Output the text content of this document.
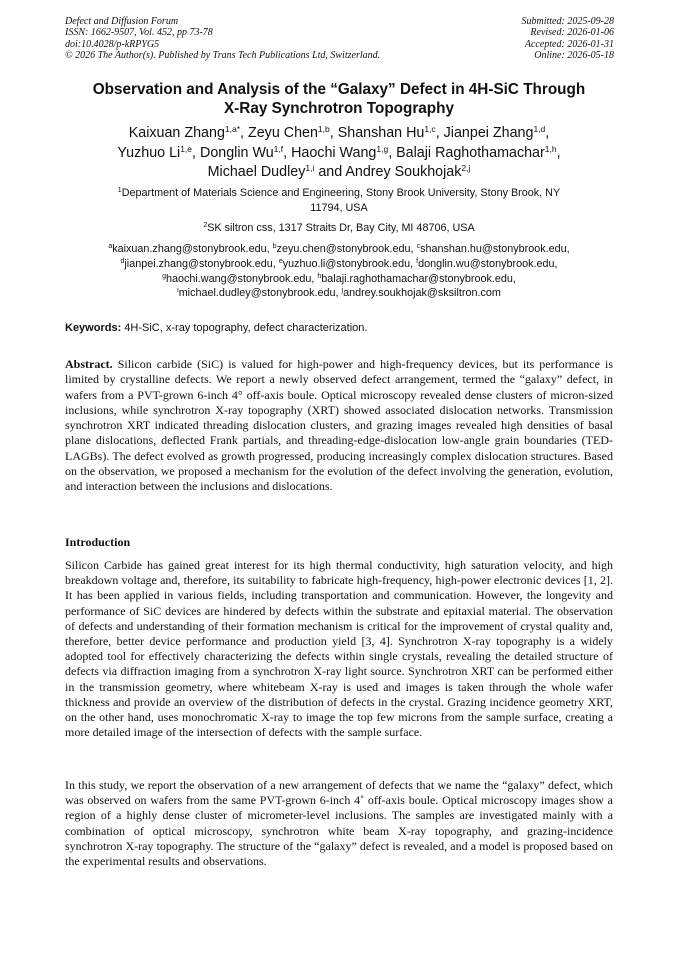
Defect and Diffusion Forum
ISSN: 1662-9507, Vol. 452, pp 73-78
doi:10.4028/p-kRPYG5
© 2026 The Author(s). Published by Trans Tech Publications Ltd, Switzerland.
Submitted: 2025-09-28
Revised: 2026-01-06
Accepted: 2026-01-31
Online: 2026-05-18
Observation and Analysis of the “Galaxy” Defect in 4H-SiC Through
X-Ray Synchrotron Topography
Kaixuan Zhang$^{1,a*}$, Zeyu Chen$^{1,b}$, Shanshan Hu$^{1,c}$, Jianpei Zhang$^{1,d}$,
Yuzhuo Li$^{1,e}$, Donglin Wu$^{1,f}$, Haochi Wang$^{1,g}$, Balaji Raghothamachar$^{1,h}$,
Michael Dudley$^{1,i}$ and Andrey Soukhojak$^{2,j}$
$^1$Department of Materials Science and Engineering, Stony Brook University, Stony Brook, NY
11794, USA
$^2$SK siltron css, 1317 Straits Dr, Bay City, MI 48706, USA
$^a$kaixuan.zhang@stonybrook.edu, $^b$zeyu.chen@stonybrook.edu, $^c$shanshan.hu@stonybrook.edu,
$^d$jianpei.zhang@stonybrook.edu, $^e$yuzhuo.li@stonybrook.edu, $^f$donglin.wu@stonybrook.edu,
$^g$haochi.wang@stonybrook.edu, $^h$balaji.raghothamachar@stonybrook.edu,
$^i$michael.dudley@stonybrook.edu, $^j$andrey.soukhojak@sksiltron.com
Keywords: 4H-SiC, x-ray topography, defect characterization.
Abstract. Silicon carbide (SiC) is valued for high-power and high-frequency devices, but its performance is limited by crystalline defects. We report a newly observed defect arrangement, termed the “galaxy” defect, in wafers from a PVT-grown 6-inch 4° off-axis boule. Optical microscopy revealed dense clusters of micron-sized inclusions, while synchrotron X-ray topography (XRT) showed associated dislocation networks. Transmission synchrotron XRT indicated threading dislocation clusters, and grazing images revealed high densities of basal plane dislocations, deflected Frank partials, and threading-edge-dislocation low-angle grain boundaries (TED-LAGBs). The defect evolved as growth progressed, producing increasingly complex dislocation structures. Based on the observation, we proposed a mechanism for the evolution of the defect involving the generation, evolution, and interaction between the inclusions and dislocations.
Introduction
Silicon Carbide has gained great interest for its high thermal conductivity, high saturation velocity, and high breakdown voltage and, therefore, its suitability to fabricate high-frequency, high-power electronic devices [1, 2]. It has been applied in various fields, including transportation and communication. However, the longevity and performance of SiC devices are hindered by defects within the substrate and epitaxial material. The observation of defects and understanding of their formation mechanism is critical for the improvement of crystal quality and, therefore, better device performance and production yield [3, 4]. Synchrotron X-ray topography is a widely adopted tool for effectively characterizing the defects within single crystals, revealing the detailed structure of defects via diffraction imaging from a synchrotron X-ray light source. Synchrotron XRT can be performed either in the transmission geometry, where whitebeam X-ray is used and images is taken through the whole wafer thickness and provide an overview of the distribution of defects in the crystal. Grazing incidence geometry XRT, on the other hand, uses monochromatic X-ray to image the top few microns from the sample surface, creating a more detailed image of the intersection of defects with the sample surface.
In this study, we report the observation of a new arrangement of defects that we name the “galaxy” defect, which was observed on wafers from the same PVT-grown 6-inch 4˚ off-axis boule. Optical microscopy images show a region of a highly dense cluster of micrometer-level inclusions. The samples are investigated mainly with a combination of optical microscopy, synchrotron white beam X-ray topography, and grazing-incidence synchrotron X-ray topography. The structure of the “galaxy” defect is revealed, and a model is proposed based on the experimental results and observations.
